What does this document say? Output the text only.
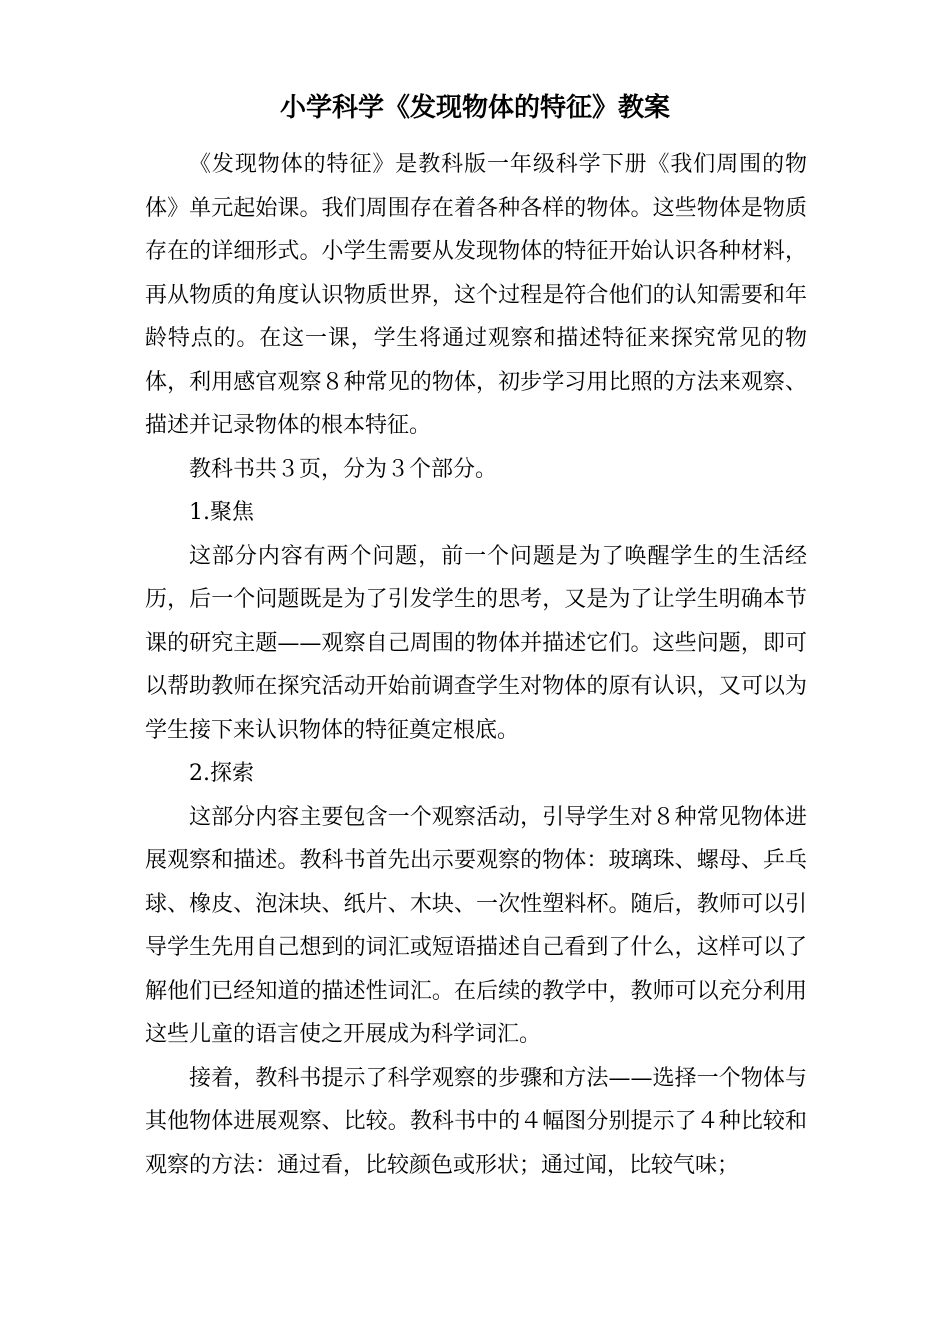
小学科学《发现物体的特征》教案

《发现物体的特征》是教科版一年级科学下册《我们周围的物体》单元起始课。我们周围存在着各种各样的物体。这些物体是物质存在的详细形式。小学生需要从发现物体的特征开始认识各种材料，再从物质的角度认识物质世界，这个过程是符合他们的认知需要和年龄特点的。在这一课，学生将通过观察和描述特征来探究常见的物体，利用感官观察８种常见的物体，初步学习用比照的方法来观察、描述并记录物体的根本特征。

教科书共３页，分为３个部分。

1.聚焦

这部分内容有两个问题，前一个问题是为了唤醒学生的生活经历，后一个问题既是为了引发学生的思考，又是为了让学生明确本节课的研究主题——观察自己周围的物体并描述它们。这些问题，即可以帮助教师在探究活动开始前调查学生对物体的原有认识，又可以为学生接下来认识物体的特征奠定根底。

2.探索

这部分内容主要包含一个观察活动，引导学生对８种常见物体进展观察和描述。教科书首先出示要观察的物体：玻璃珠、螺母、乒乓球、橡皮、泡沫块、纸片、木块、一次性塑料杯。随后，教师可以引导学生先用自己想到的词汇或短语描述自己看到了什么，这样可以了解他们已经知道的描述性词汇。在后续的教学中，教师可以充分利用这些儿童的语言使之开展成为科学词汇。

接着，教科书提示了科学观察的步骤和方法——选择一个物体与其他物体进展观察、比较。教科书中的４幅图分别提示了４种比较和观察的方法：通过看，比较颜色或形状；通过闻，比较气味；
